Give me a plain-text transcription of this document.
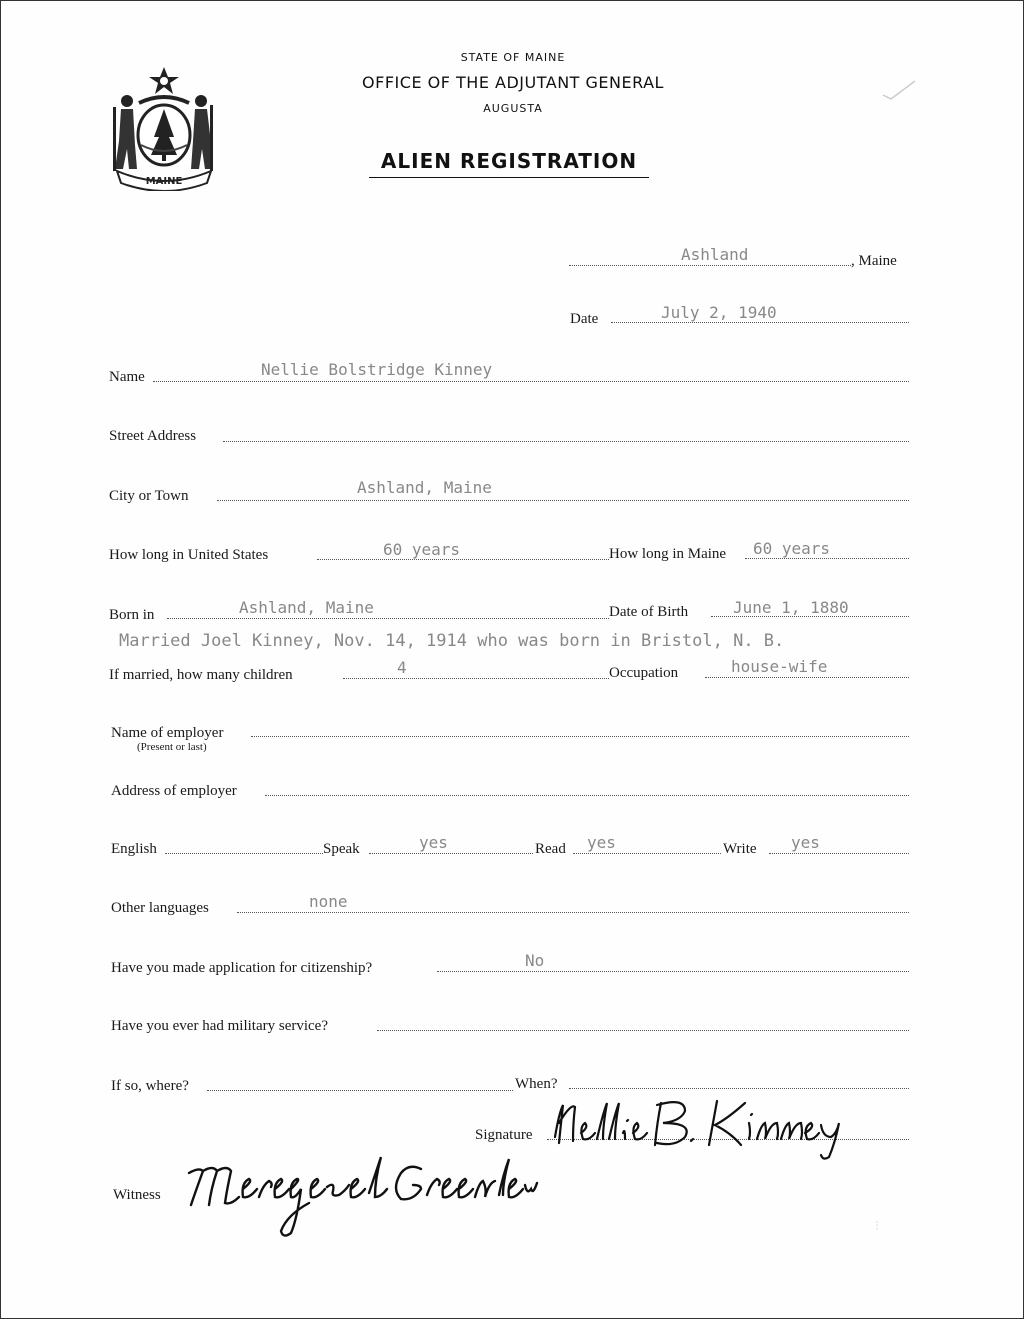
MAINE
STATE OF MAINE
OFFICE OF THE ADJUTANT GENERAL
AUGUSTA
ALIEN REGISTRATION
Ashland	, Maine
Date	July 2, 1940
Name	Nellie Bolstridge Kinney
Street Address
City or Town	Ashland, Maine
How long in United States	60 years	How long in Maine 60 years
Born in	Ashland, Maine	Date of Birth	June 1, 1880
Married Joel Kinney, Nov. 14, 1914 who was born in Bristol, N. B.
If married, how many children	4	Occupation	house-wife
Name of employer
(Present or last)
Address of employer
English	Speak	yes	Read yes	Write yes
Other languages	none
Have you made application for citizenship?	No
Have you ever had military service?
If so, where?	When?
Signature
Witness
⁝
